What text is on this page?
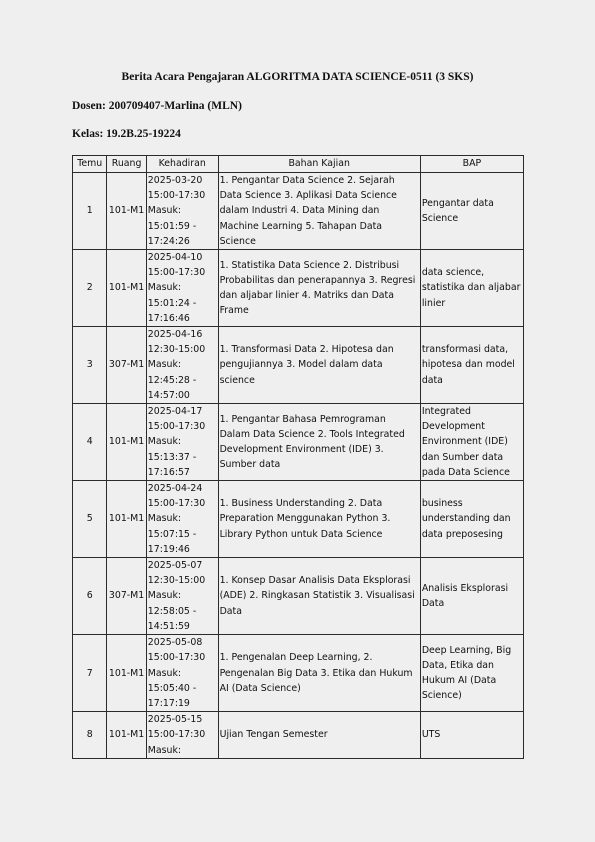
Berita Acara Pengajaran ALGORITMA DATA SCIENCE-0511 (3 SKS)
Dosen: 200709407-Marlina (MLN)
Kelas: 19.2B.25-19224
Temu	Ruang	Kehadiran	Bahan Kajian	BAP
1	101-M1	2025-03-20 15:00-17:30 Masuk: 15:01:59 - 17:24:26	1. Pengantar Data Science 2. Sejarah Data Science 3. Aplikasi Data Science dalam Industri 4. Data Mining dan Machine Learning 5. Tahapan Data Science	Pengantar data Science
2	101-M1	2025-04-10 15:00-17:30 Masuk: 15:01:24 - 17:16:46	1. Statistika Data Science 2. Distribusi Probabilitas dan penerapannya 3. Regresi dan aljabar linier 4. Matriks dan Data Frame	data science, statistika dan aljabar linier
3	307-M1	2025-04-16 12:30-15:00 Masuk: 12:45:28 - 14:57:00	1. Transformasi Data 2. Hipotesa dan pengujiannya 3. Model dalam data science	transformasi data, hipotesa dan model data
4	101-M1	2025-04-17 15:00-17:30 Masuk: 15:13:37 - 17:16:57	1. Pengantar Bahasa Pemrograman Dalam Data Science 2. Tools Integrated Development Environment (IDE) 3. Sumber data	Integrated Development Environment (IDE) dan Sumber data pada Data Science
5	101-M1	2025-04-24 15:00-17:30 Masuk: 15:07:15 - 17:19:46	1. Business Understanding 2. Data Preparation Menggunakan Python 3. Library Python untuk Data Science	business understanding dan data preposesing
6	307-M1	2025-05-07 12:30-15:00 Masuk: 12:58:05 - 14:51:59	1. Konsep Dasar Analisis Data Eksplorasi (ADE) 2. Ringkasan Statistik 3. Visualisasi Data	Analisis Eksplorasi Data
7	101-M1	2025-05-08 15:00-17:30 Masuk: 15:05:40 - 17:17:19	1. Pengenalan Deep Learning, 2. Pengenalan Big Data 3. Etika dan Hukum AI (Data Science)	Deep Learning, Big Data, Etika dan Hukum AI (Data Science)
8	101-M1	2025-05-15 15:00-17:30 Masuk:	Ujian Tengan Semester	UTS
